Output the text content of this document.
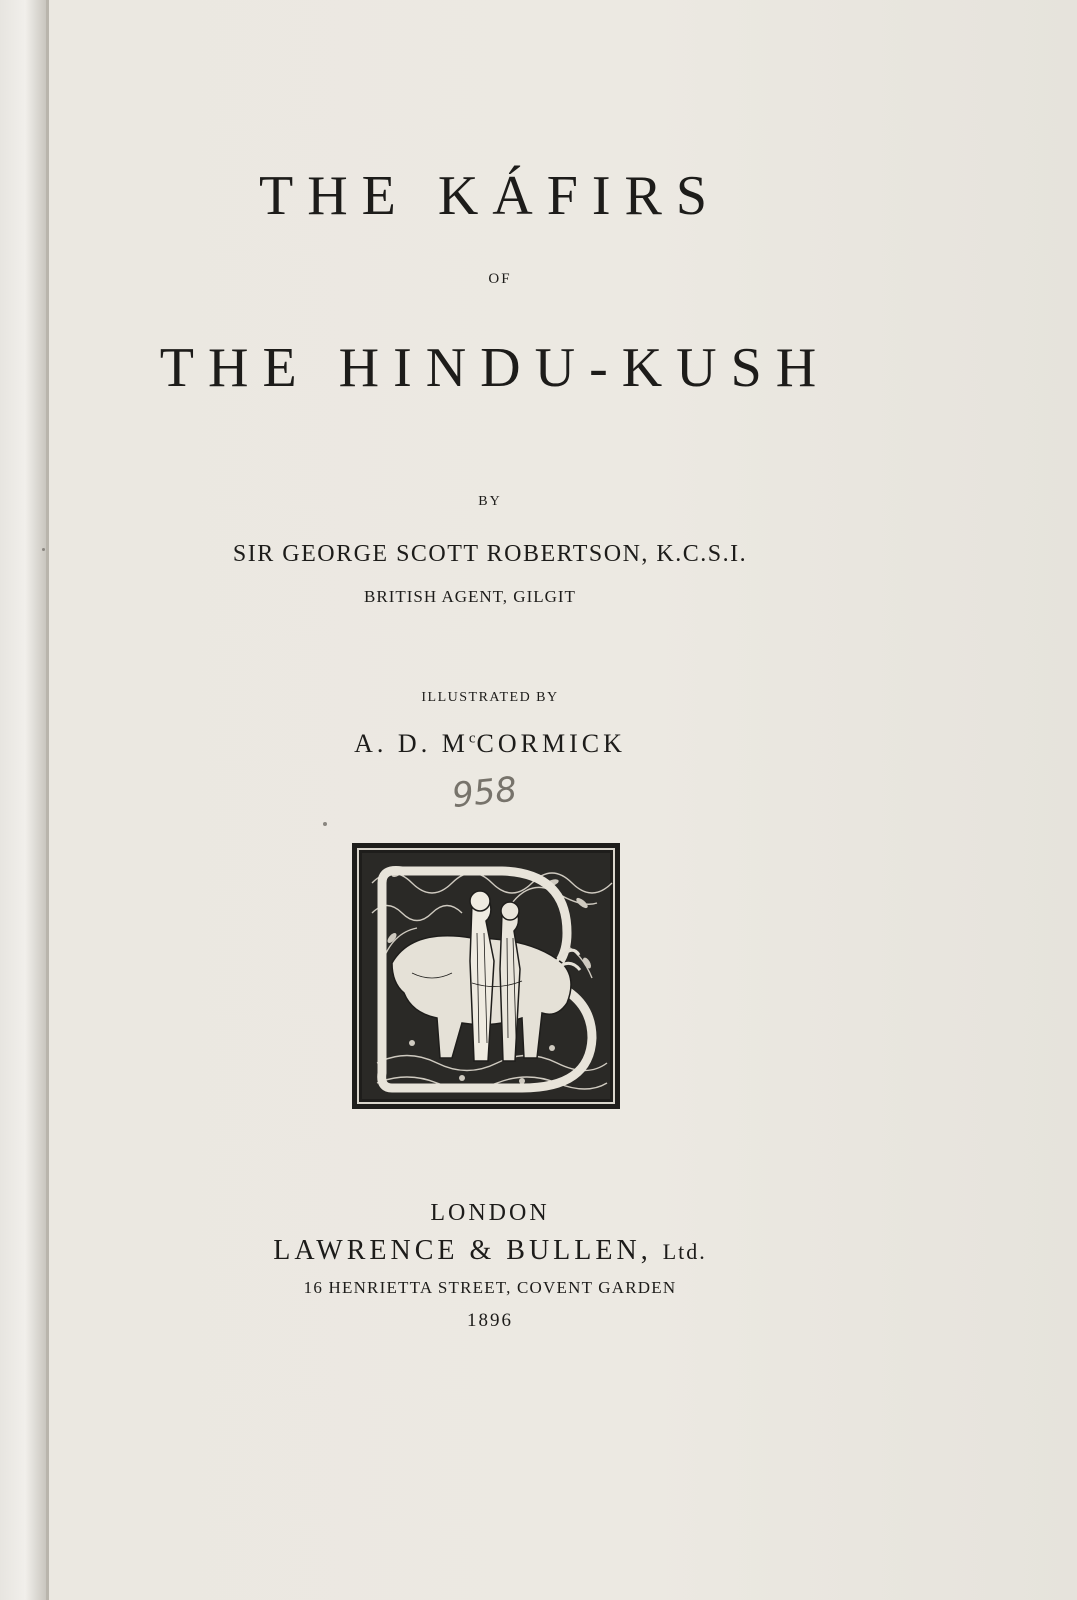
THE KÁFIRS
OF
THE HINDU-KUSH
BY
SIR GEORGE SCOTT ROBERTSON, K.C.S.I.
BRITISH AGENT, GILGIT
ILLUSTRATED BY
A. D. $M^cCORMICK$
958
LONDON
LAWRENCE & BULLEN, Ltd.
16 HENRIETTA STREET, COVENT GARDEN
1896
